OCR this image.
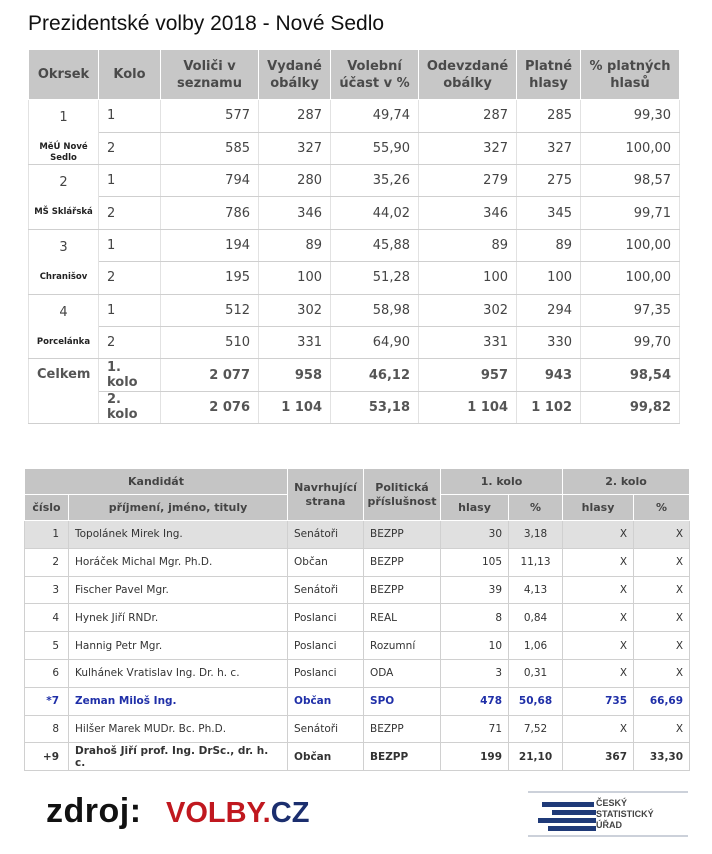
Prezidentské volby 2018 - Nové Sedlo
Okrsek	Kolo	Voliči v seznamu	Vydané obálky	Volební účast v %	Odevzdané obálky	Platné hlasy	% platných hlasů

1
MěÚ Nové Sedlo	1	577	287	49,74	287	285	99,30
	2	585	327	55,90	327	327	100,00

2
MŠ Sklářská	1	794	280	35,26	279	275	98,57
	2	786	346	44,02	346	345	99,71

3
Chranišov	1	194	89	45,88	89	89	100,00
	2	195	100	51,28	100	100	100,00

4
Porcelánka	1	512	302	58,98	302	294	97,35
	2	510	331	64,90	331	330	99,70
Celkem	1. kolo	2 077	958	46,12	957	943	98,54
	2. kolo	2 076	1 104	53,18	1 104	1 102	99,82
Kandidát		Navrhující strana	Politická příslušnost	1. kolo		2. kolo	
číslo	příjmení, jméno, tituly			hlasy	%	hlasy	%
1	Topolánek Mirek Ing.	Senátoři	BEZPP	30	3,18	X	X
2	Horáček Michal Mgr. Ph.D.	Občan	BEZPP	105	11,13	X	X
3	Fischer Pavel Mgr.	Senátoři	BEZPP	39	4,13	X	X
4	Hynek Jiří RNDr.	Poslanci	REAL	8	0,84	X	X
5	Hannig Petr Mgr.	Poslanci	Rozumní	10	1,06	X	X
6	Kulhánek Vratislav Ing. Dr. h. c.	Poslanci	ODA	3	0,31	X	X
*7	Zeman Miloš Ing.	Občan	SPO	478	50,68	735	66,69
8	Hilšer Marek MUDr. Bc. Ph.D.	Senátoři	BEZPP	71	7,52	X	X
+9	Drahoš Jiří prof. Ing. DrSc., dr. h. c.	Občan	BEZPP	199	21,10	367	33,30
zdroj: VOLBY.CZ	ČESKÝ
STATISTICKÝ
ÚŘAD
